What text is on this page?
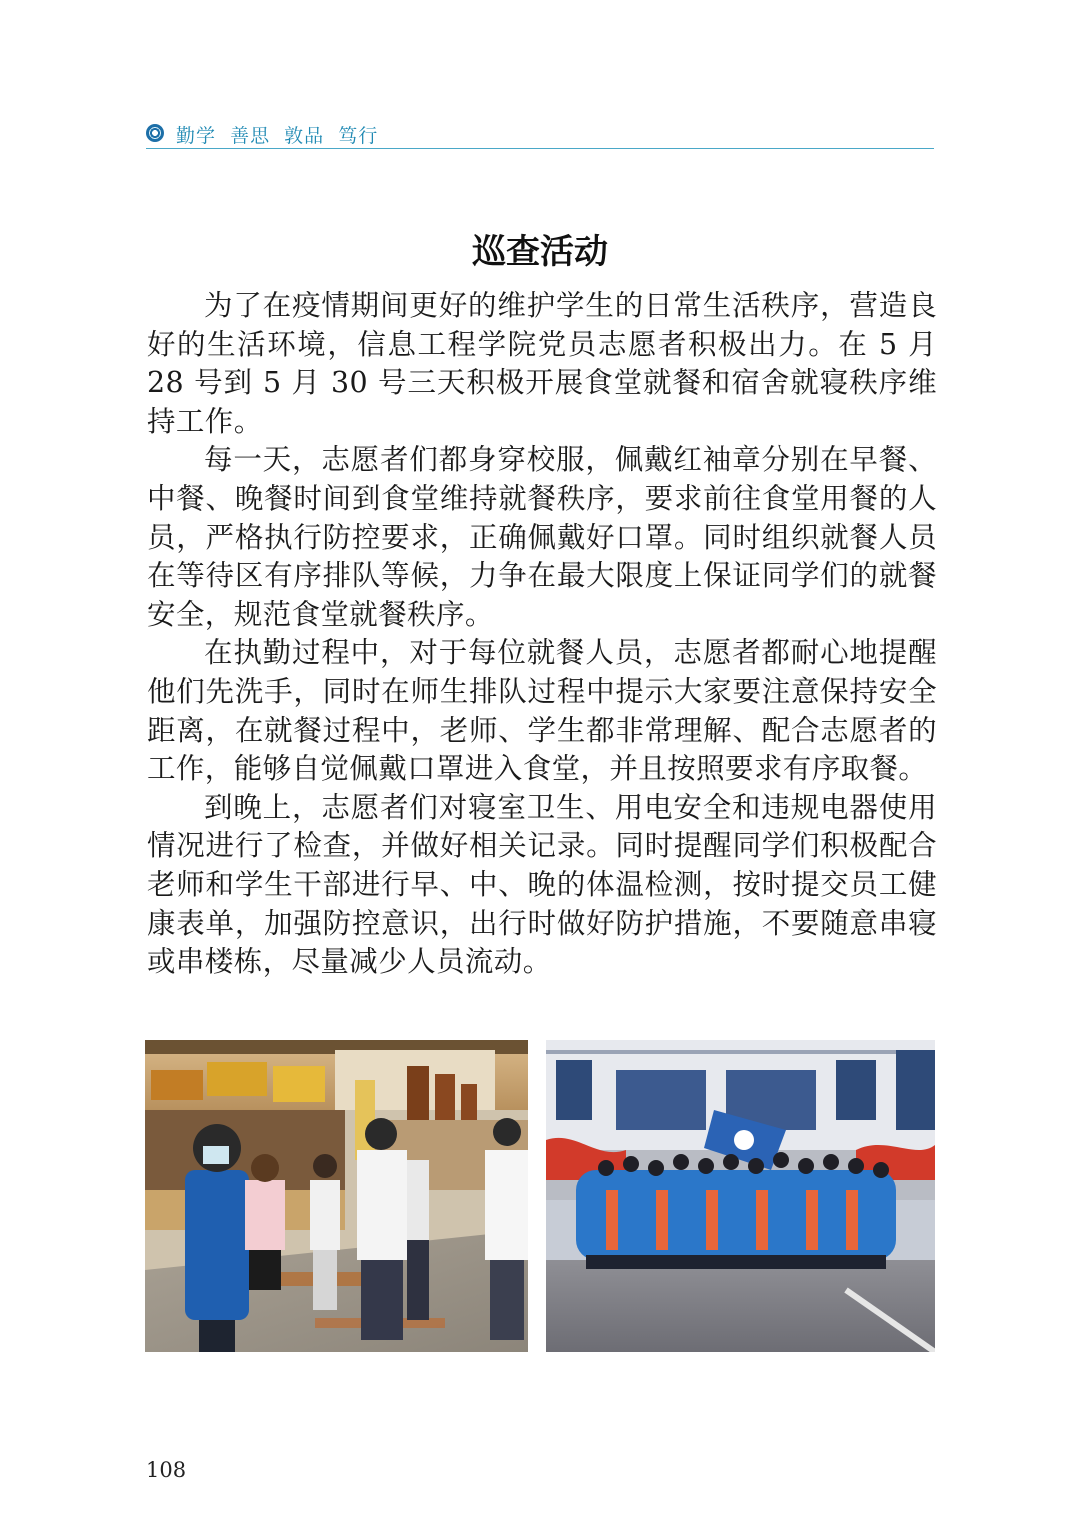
勤学  善思  敦品  笃行
巡查活动

为了在疫情期间更好的维护学生的日常生活秩序，营造良好的生活环境，信息工程学院党员志愿者积极出力。在 5 月 28 号到 5 月 30 号三天积极开展食堂就餐和宿舍就寝秩序维持工作。

每一天，志愿者们都身穿校服，佩戴红袖章分别在早餐、中餐、晚餐时间到食堂维持就餐秩序，要求前往食堂用餐的人员，严格执行防控要求，正确佩戴好口罩。同时组织就餐人员在等待区有序排队等候，力争在最大限度上保证同学们的就餐安全，规范食堂就餐秩序。

在执勤过程中，对于每位就餐人员，志愿者都耐心地提醒他们先洗手，同时在师生排队过程中提示大家要注意保持安全距离，在就餐过程中，老师、学生都非常理解、配合志愿者的工作，能够自觉佩戴口罩进入食堂，并且按照要求有序取餐。

到晚上，志愿者们对寝室卫生、用电安全和违规电器使用情况进行了检查，并做好相关记录。同时提醒同学们积极配合老师和学生干部进行早、中、晚的体温检测，按时提交员工健康表单，加强防控意识，出行时做好防护措施，不要随意串寝或串楼栋，尽量减少人员流动。

108
